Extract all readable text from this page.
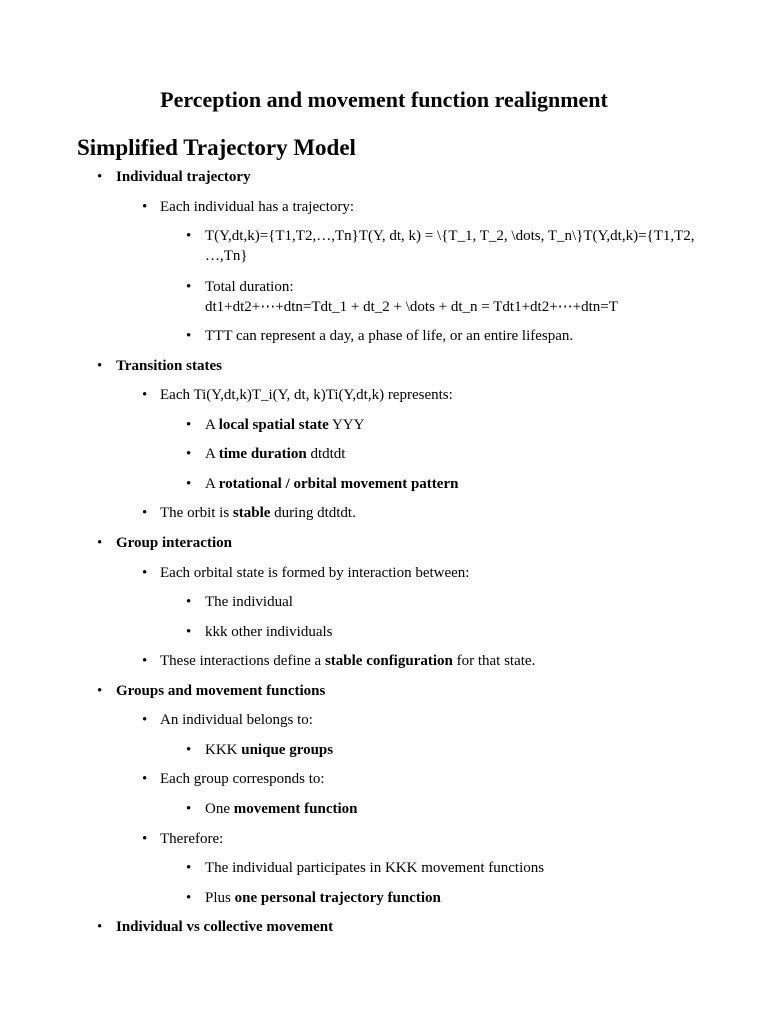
Perception and movement function realignment
Simplified Trajectory Model
• Individual trajectory
• Each individual has a trajectory:
• T(Y,dt,k)={T1,T2,…,Tn}T(Y, dt, k) = \{T_1, T_2, \dots, T_n\}T(Y,dt,k)={T1,T2,
…,Tn}
• Total duration:
dt1+dt2+⋯+dtn=Tdt_1 + dt_2 + \dots + dt_n = Tdt1+dt2+⋯+dtn=T
• TTT can represent a day, a phase of life, or an entire lifespan.
• Transition states
• Each Ti(Y,dt,k)T_i(Y, dt, k)Ti(Y,dt,k) represents:
• A local spatial state YYY
• A time duration dtdtdt
• A rotational / orbital movement pattern
• The orbit is stable during dtdtdt.
• Group interaction
• Each orbital state is formed by interaction between:
• The individual
• kkk other individuals
• These interactions define a stable configuration for that state.
• Groups and movement functions
• An individual belongs to:
• KKK unique groups
• Each group corresponds to:
• One movement function
• Therefore:
• The individual participates in KKK movement functions
• Plus one personal trajectory function
• Individual vs collective movement
